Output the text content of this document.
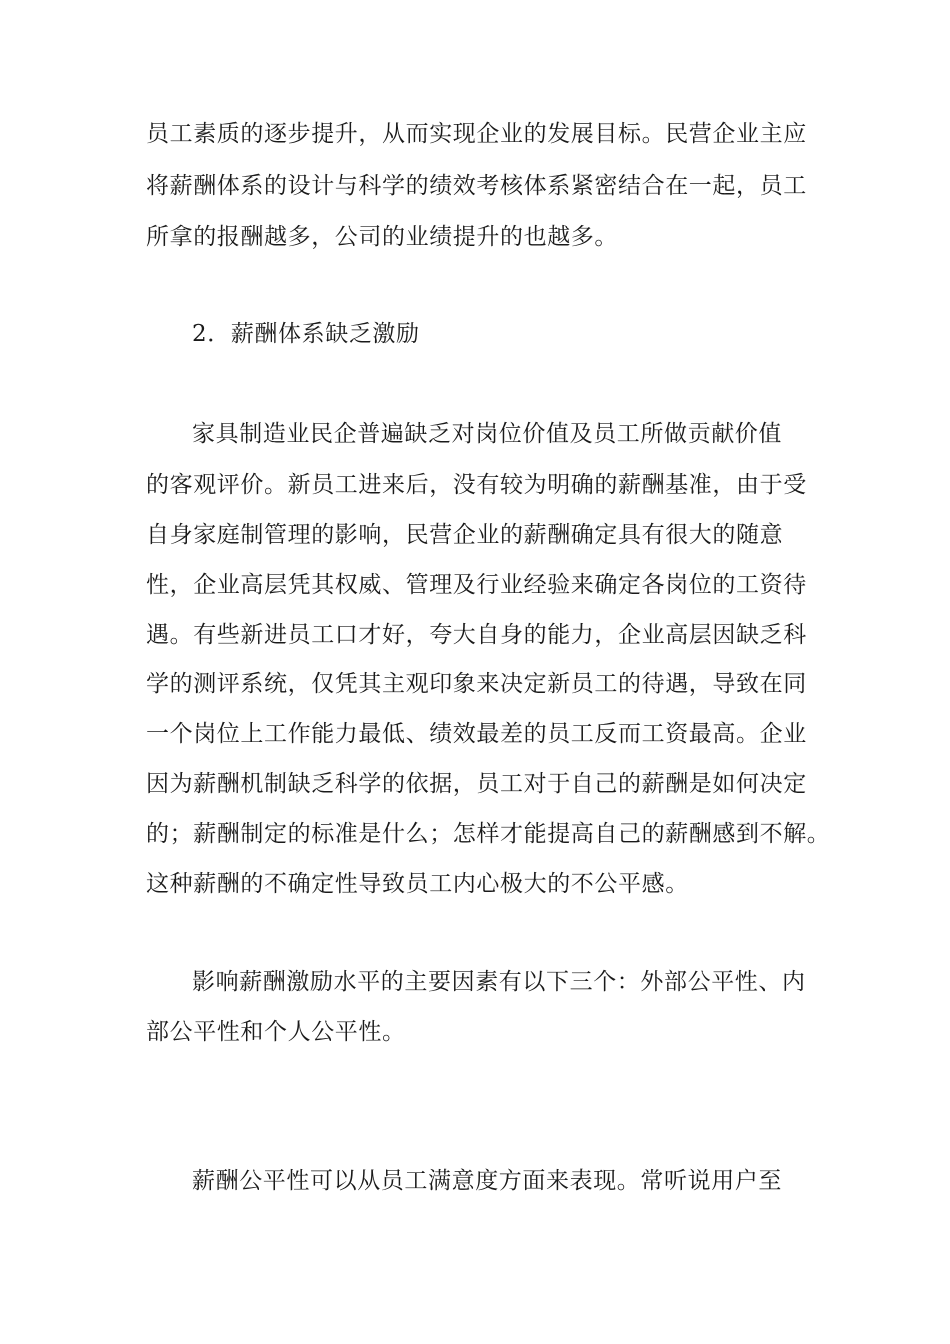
员工素质的逐步提升，从而实现企业的发展目标。民营企业主应
将薪酬体系的设计与科学的绩效考核体系紧密结合在一起，员工
所拿的报酬越多，公司的业绩提升的也越多。
2．薪酬体系缺乏激励
家具制造业民企普遍缺乏对岗位价值及员工所做贡献价值
的客观评价。新员工进来后，没有较为明确的薪酬基准，由于受
自身家庭制管理的影响，民营企业的薪酬确定具有很大的随意
性，企业高层凭其权威、管理及行业经验来确定各岗位的工资待
遇。有些新进员工口才好，夸大自身的能力，企业高层因缺乏科
学的测评系统，仅凭其主观印象来决定新员工的待遇，导致在同
一个岗位上工作能力最低、绩效最差的员工反而工资最高。企业
因为薪酬机制缺乏科学的依据，员工对于自己的薪酬是如何决定
的；薪酬制定的标准是什么；怎样才能提高自己的薪酬感到不解。
这种薪酬的不确定性导致员工内心极大的不公平感。
影响薪酬激励水平的主要因素有以下三个：外部公平性、内
部公平性和个人公平性。
薪酬公平性可以从员工满意度方面来表现。常听说用户至
